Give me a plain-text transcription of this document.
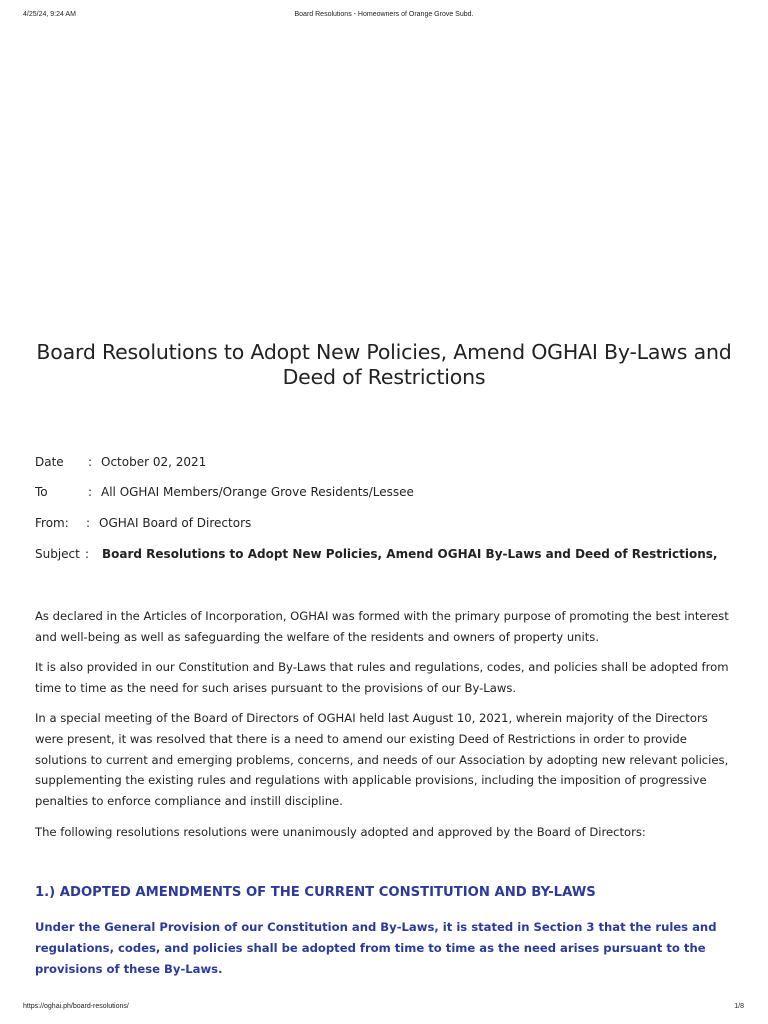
4/25/24, 9:24 AM	Board Resolutions - Homeowners of Orange Grove Subd.
Board Resolutions to Adopt New Policies, Amend OGHAI By-Laws and
Deed of Restrictions
Date : October 02, 2021
To	: All OGHAI Members/Orange Grove Residents/Lessee
From: : OGHAI Board of Directors
Subject : Board Resolutions to Adopt New Policies, Amend OGHAI By-Laws and Deed of Restrictions,

As declared in the Articles of Incorporation, OGHAI was formed with the primary purpose of promoting the best interest and well-being as well as safeguarding the welfare of the residents and owners of property units.

It is also provided in our Constitution and By-Laws that rules and regulations, codes, and policies shall be adopted from time to time as the need for such arises pursuant to the provisions of our By-Laws.

In a special meeting of the Board of Directors of OGHAI held last August 10, 2021, wherein majority of the Directors were present, it was resolved that there is a need to amend our existing Deed of Restrictions in order to provide solutions to current and emerging problems, concerns, and needs of our Association by adopting new relevant policies, supplementing the existing rules and regulations with applicable provisions, including the imposition of progressive penalties to enforce compliance and instill discipline.

The following resolutions resolutions were unanimously adopted and approved by the Board of Directors:

1.) ADOPTED AMENDMENTS OF THE CURRENT CONSTITUTION AND BY-LAWS

Under the General Provision of our Constitution and By-Laws, it is stated in Section 3 that the rules and regulations, codes, and policies shall be adopted from time to time as the need arises pursuant to the provisions of these By-Laws.

https://oghai.ph/board-resolutions/	1/8
